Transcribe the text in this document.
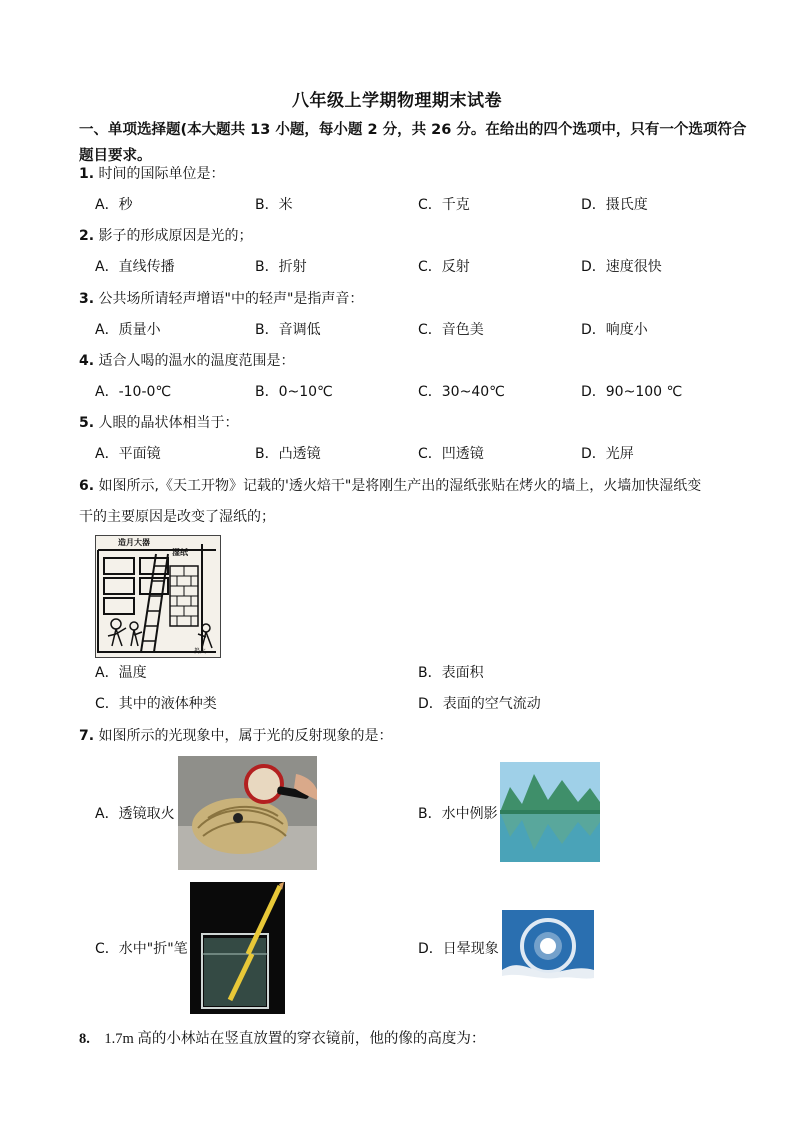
八年级上学期物理期末试卷
一、单项选择题(本大题共 13 小题，每小题 2 分，共 26 分。在给出的四个选项中，只有一个选项符合题目要求。
1. 时间的国际单位是：
A．秒	B．米	C．千克	D．摄氏度
2. 影子的形成原因是光的；
A．直线传播	B．折射	C．反射	D．速度很快
3. 公共场所请轻声增语"中的轻声"是指声音：
A．质量小	B．音调低	C．音色美	D．响度小
4. 适合人喝的温水的温度范围是：
A．-10-0℃	B．0~10℃	C．30~40℃	D．90~100 ℃
5. 人眼的晶状体相当于：
A．平面镜	B．凸透镜	C．凹透镜	D．光屏
6. 如图所示,《天工开物》记载的'透火焙干"是将刚生产出的湿纸张贴在烤火的墙上，火墙加快湿纸变
干的主要原因是改变了湿纸的；
造月大器
湿纸
搗火
A．温度	B．表面积
C．其中的液体种类	D．表面的空气流动
7. 如图所示的光现象中，属于光的反射现象的是：
A．透镜取火	B．水中例影
C．水中"折"笔	D．日晕现象
8. 1.7m 高的小林站在竖直放置的穿衣镜前，他的像的高度为：
